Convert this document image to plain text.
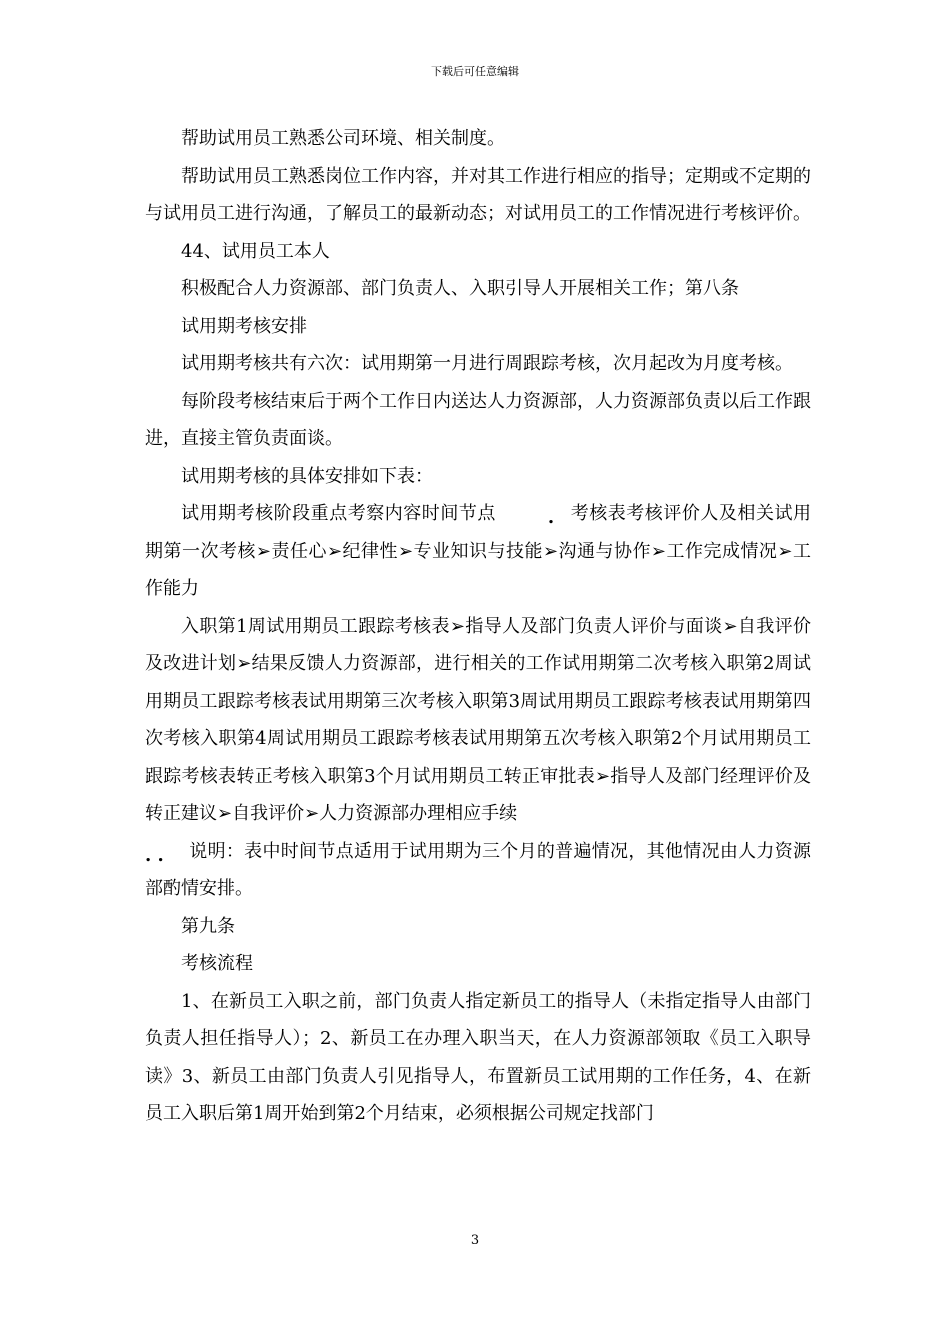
下载后可任意编辑

帮助试用员工熟悉公司环境、相关制度。

帮助试用员工熟悉岗位工作内容，并对其工作进行相应的指导；定期或不定期的与试用员工进行沟通，了解员工的最新动态；对试用员工的工作情况进行考核评价。

44、试用员工本人

积极配合人力资源部、部门负责人、入职引导人开展相关工作；第八条

试用期考核安排

试用期考核共有六次：试用期第一月进行周跟踪考核，次月起改为月度考核。

每阶段考核结束后于两个工作日内送达人力资源部，人力资源部负责以后工作跟进，直接主管负责面谈。

试用期考核的具体安排如下表：

试用期考核阶段重点考察内容时间节点	. 考核表考核评价人及相关试用期第一次考核➢责任心➢纪律性➢专业知识与技能➢沟通与协作➢工作完成情况➢工作能力

入职第1周试用期员工跟踪考核表➢指导人及部门负责人评价与面谈➢自我评价及改进计划➢结果反馈人力资源部，进行相关的工作试用期第二次考核入职第2周试用期员工跟踪考核表试用期第三次考核入职第3周试用期员工跟踪考核表试用期第四次考核入职第4周试用期员工跟踪考核表试用期第五次考核入职第2个月试用期员工跟踪考核表转正考核入职第3个月试用期员工转正审批表➢指导人及部门经理评价及转正建议➢自我评价➢人力资源部办理相应手续

. . 说明：表中时间节点适用于试用期为三个月的普遍情况，其他情况由人力资源部酌情安排。

第九条

考核流程

1、在新员工入职之前，部门负责人指定新员工的指导人（未指定指导人由部门负责人担任指导人）；2、新员工在办理入职当天，在人力资源部领取《员工入职导读》3、新员工由部门负责人引见指导人，布置新员工试用期的工作任务，4、在新员工入职后第1周开始到第2个月结束，必须根据公司规定找部门

3
